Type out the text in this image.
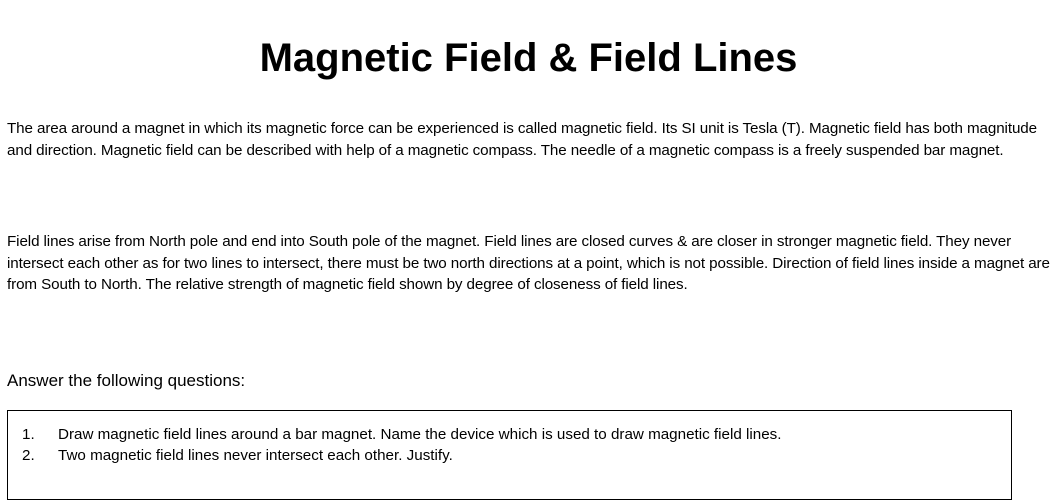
Magnetic Field & Field Lines

The area around a magnet in which its magnetic force can be experienced is called magnetic field. Its SI unit is Tesla (T). Magnetic field has both magnitude and direction. Magnetic field can be described with help of a magnetic compass. The needle of a magnetic compass is a freely suspended bar magnet.

Field lines arise from North pole and end into South pole of the magnet. Field lines are closed curves & are closer in stronger magnetic field. They never intersect each other as for two lines to intersect, there must be two north directions at a point, which is not possible. Direction of field lines inside a magnet are from South to North. The relative strength of magnetic field shown by degree of closeness of field lines.

Answer the following questions:

1.	Draw magnetic field lines around a bar magnet. Name the device which is used to draw magnetic field lines.
2.	Two magnetic field lines never intersect each other. Justify.
